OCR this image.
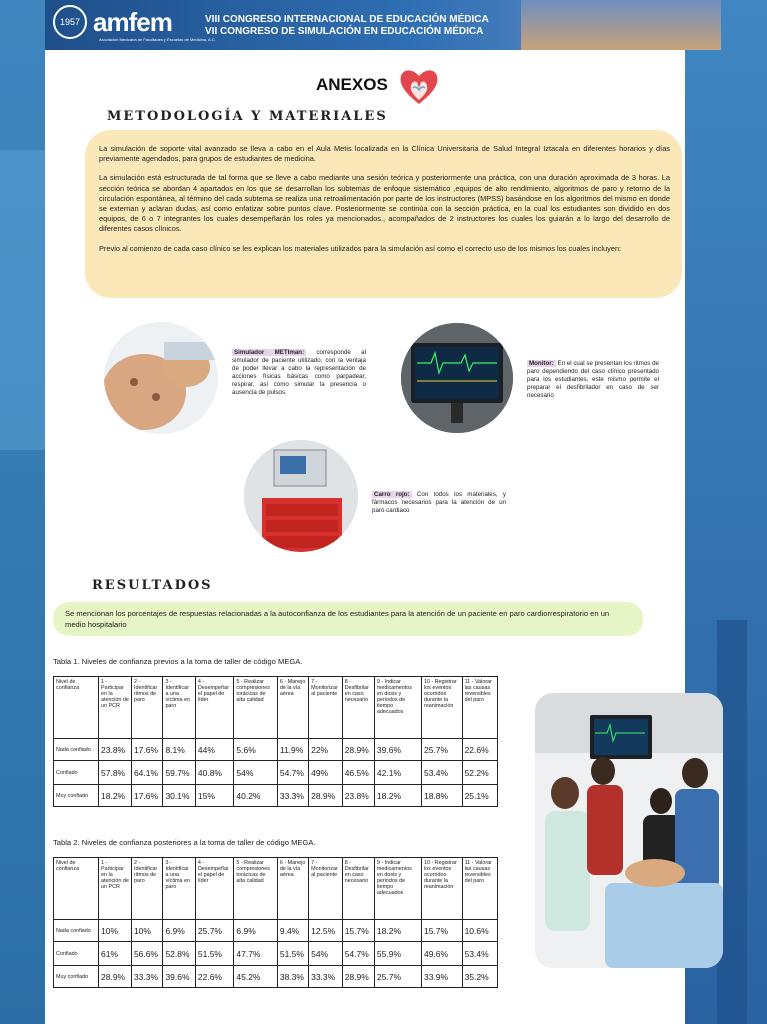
1957 amfem
Asociación Mexicana de Facultades y Escuelas de Medicina, A.C.
VIII CONGRESO INTERNACIONAL DE EDUCACIÓN MÉDICA
VII CONGRESO DE SIMULACIÓN EN EDUCACIÓN MÉDICA
ANEXOS
METODOLOGÍA Y MATERIALES

La simulación de soporte vital avanzado se lleva a cabo en el Aula Metis localizada en la Clínica Universitaria de Salud Integral Iztacala en diferentes horarios y días previamente agendados, para grupos de estudiantes de medicina.

La simulación está estructurada de tal forma que se lleve a cabo mediante una sesión teórica y posteriormente una práctica, con una duración aproximada de 3 horas. La sección teórica se abordan 4 apartados en los que se desarrollan los subtemas de enfoque sistemático ,equipos de alto rendimiento, algoritmos de paro y retorno de la circulación espontánea, al término del cada subtema se realiza una retroalimentación por parte de los instructores (MPSS) basándose en los algoritmos del mismo en donde se externan y aclaran dudas, así como enfatizar sobre puntos clave. Posteriormente se continúa con la sección práctica, en la cual los estudiantes son dividido en dos equipos, de 6 o 7 integrantes los cuales desempeñarán los roles ya mencionados., acompañados de 2 instructores los cuales los guiarán a lo largo del desarrollo de diferentes casos clínicos.

Previo al comienzo de cada caso clínico se les explican los materiales utilizados para la simulación así como el correcto uso de los mismos los cuales incluyen:

Simulador METIman: corresponde al simulador de paciente utilizado, con la ventaja de poder llevar a cabo la representación de acciones físicas básicas como parpadear, respirar, así como simular la presencia o ausencia de pulsos.
Monitor: En el cual se presentan los ritmos de paro dependiendo del caso clínico presentado para los estudiantes, este mismo permite el preparar el desfibrilador en caso de ser necesario
Carro rojo: Con todos los materiales, y fármacos necesarios para la atención de un paro cardiaco
RESULTADOS
Se mencionan los porcentajes de respuestas relacionadas a la autoconfianza de los estudiantes para la atención de un paciente en paro cardiorrespiratorio en un medio hospitalario
Tabla 1. Niveles de confianza previos a la toma de taller de código MEGA.
Nivel de confianza	1 - Participar en la atención de un PCR	2 - Identificar ritmos de paro	3 - Identificar a una víctima en paro	4 - Desempeñar el papel de líder	5 - Realizar compresiones torácicas de alta calidad	6 - Manejo de la vía aérea	7 - Monitorizar al paciente	8 - Desfibrilar en caso necesario	9 - Indicar medicamentos en dosis y periodos de tiempo adecuados	10 - Registrar los eventos ocurridos durante la reanimación	11 - Valorar las causas reversibles del paro
Nada confiado	23.8%	17.6%	8.1%	44%	5.6%	11.9%	22%	28.9%	39.6%	25.7%	22.6%
Confiado	57.8%	64.1%	59.7%	40.8%	54%	54.7%	49%	46.5%	42.1%	53.4%	52.2%
Muy confiado	18.2%	17.6%	30.1%	15%	40.2%	33.3%	28.9%	23.8%	18.2%	18.8%	25.1%
Tabla 2. Niveles de confianza posteriores a la toma de taller de código MEGA.
Nivel de confianza	1 - Participar en la atención de un PCR	2 - Identificar ritmos de paro	3 - Identificar a una víctima en paro	4 - Desempeñar el papel de líder	5 - Realizar compresiones torácicas de alta calidad	6 - Manejo de la vía aérea	7 - Monitorizar al paciente	8 - Desfibrilar en caso necesario	9 - Indicar medicamentos en dosis y periodos de tiempo adecuados	10 - Registrar los eventos ocurridos durante la reanimación	11 - Valorar las causas reversibles del paro
Nada confiado	10%	10%	6.9%	25.7%	6.9%	9.4%	12.5%	15.7%	18.2%	15.7%	10.6%
Confiado	61%	56.6%	52.8%	51.5%	47.7%	51.5%	54%	54.7%	55.9%	49.6%	53.4%
Muy confiado	28.9%	33.3%	39.6%	22.6%	45.2%	38.3%	33.3%	28.9%	25.7%	33.9%	35.2%
